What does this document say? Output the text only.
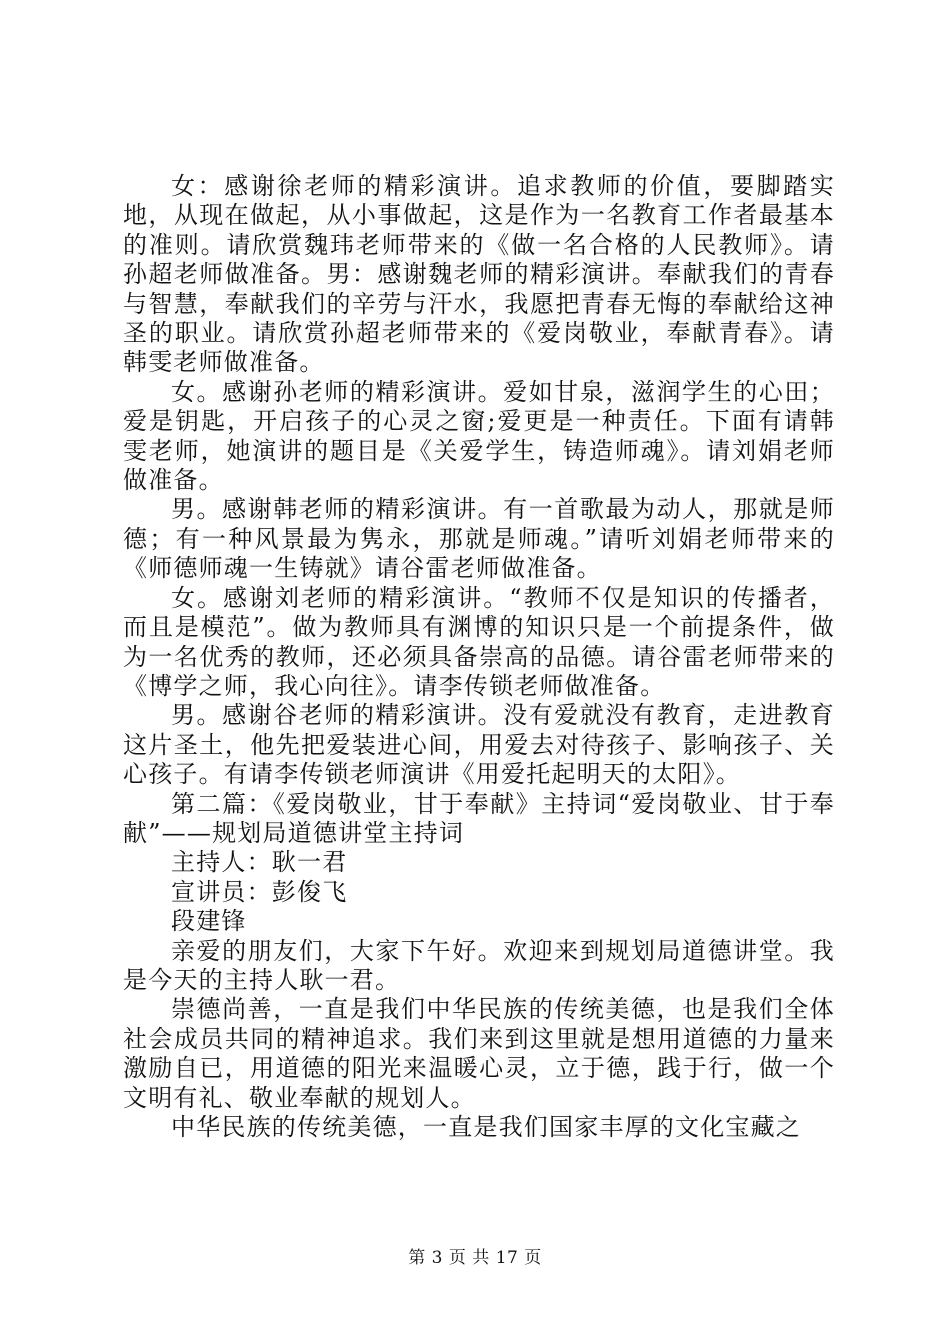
女：感谢徐老师的精彩演讲。追求教师的价值，要脚踏实地，从现在做起，从小事做起，这是作为一名教育工作者最基本的准则。请欣赏魏玮老师带来的《做一名合格的人民教师》。请孙超老师做准备。男：感谢魏老师的精彩演讲。奉献我们的青春与智慧，奉献我们的辛劳与汗水，我愿把青春无悔的奉献给这神圣的职业。请欣赏孙超老师带来的《爱岗敬业，奉献青春》。请韩雯老师做准备。

女。感谢孙老师的精彩演讲。爱如甘泉，滋润学生的心田；爱是钥匙，开启孩子的心灵之窗;爱更是一种责任。下面有请韩雯老师，她演讲的题目是《关爱学生，铸造师魂》。请刘娟老师做准备。

男。感谢韩老师的精彩演讲。有一首歌最为动人，那就是师德；有一种风景最为隽永，那就是师魂。”请听刘娟老师带来的《师德师魂一生铸就》请谷雷老师做准备。

女。感谢刘老师的精彩演讲。“教师不仅是知识的传播者，而且是模范”。做为教师具有渊博的知识只是一个前提条件，做为一名优秀的教师，还必须具备崇高的品德。请谷雷老师带来的《博学之师，我心向往》。请李传锁老师做准备。

男。感谢谷老师的精彩演讲。没有爱就没有教育，走进教育这片圣土，他先把爱装进心间，用爱去对待孩子、影响孩子、关心孩子。有请李传锁老师演讲《用爱托起明天的太阳》。

第二篇：《爱岗敬业，甘于奉献》主持词“爱岗敬业、甘于奉献”——规划局道德讲堂主持词

主持人：耿一君

宣讲员：彭俊飞

段建锋

亲爱的朋友们，大家下午好。欢迎来到规划局道德讲堂。我是今天的主持人耿一君。

崇德尚善，一直是我们中华民族的传统美德，也是我们全体社会成员共同的精神追求。我们来到这里就是想用道德的力量来激励自已，用道德的阳光来温暖心灵，立于德，践于行，做一个文明有礼、敬业奉献的规划人。

中华民族的传统美德，一直是我们国家丰厚的文化宝藏之

第 3 页 共 17 页
